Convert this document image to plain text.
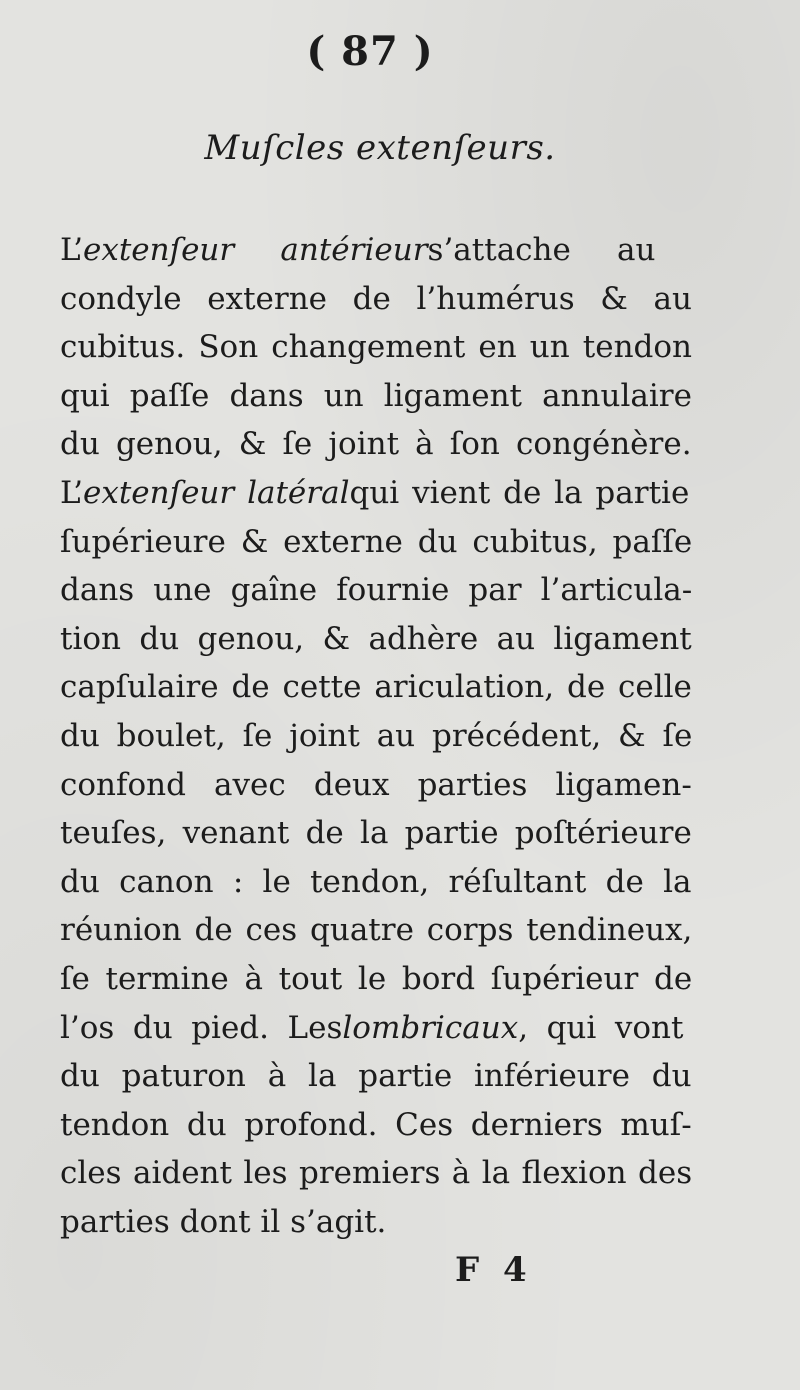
( 87 )
Muſcles extenſeurs.
L’extenſeur antérieurs’attache au
condyle externe de l’humérus & au
cubitus. Son changement en un tendon
qui paſſe dans un ligament annulaire
du genou, & ſe joint à ſon congénère.
L’extenſeur latéralqui vient de la partie
ſupérieure & externe du cubitus, paſſe
dans une gaîne fournie par l’articula-
tion du genou, & adhère au ligament
capſulaire de cette ariculation, de celle
du boulet, ſe joint au précédent, & ſe
confond avec deux parties ligamen-
teuſes, venant de la partie poſtérieure
du canon : le tendon, réſultant de la
réunion de ces quatre corps tendineux,
ſe termine à tout le bord ſupérieur de
l’os du pied. Leslombricaux, qui vont
du paturon à la partie inférieure du
tendon du profond. Ces derniers muſ-
cles aident les premiers à la flexion des
parties dont il s’agit.
F 4
